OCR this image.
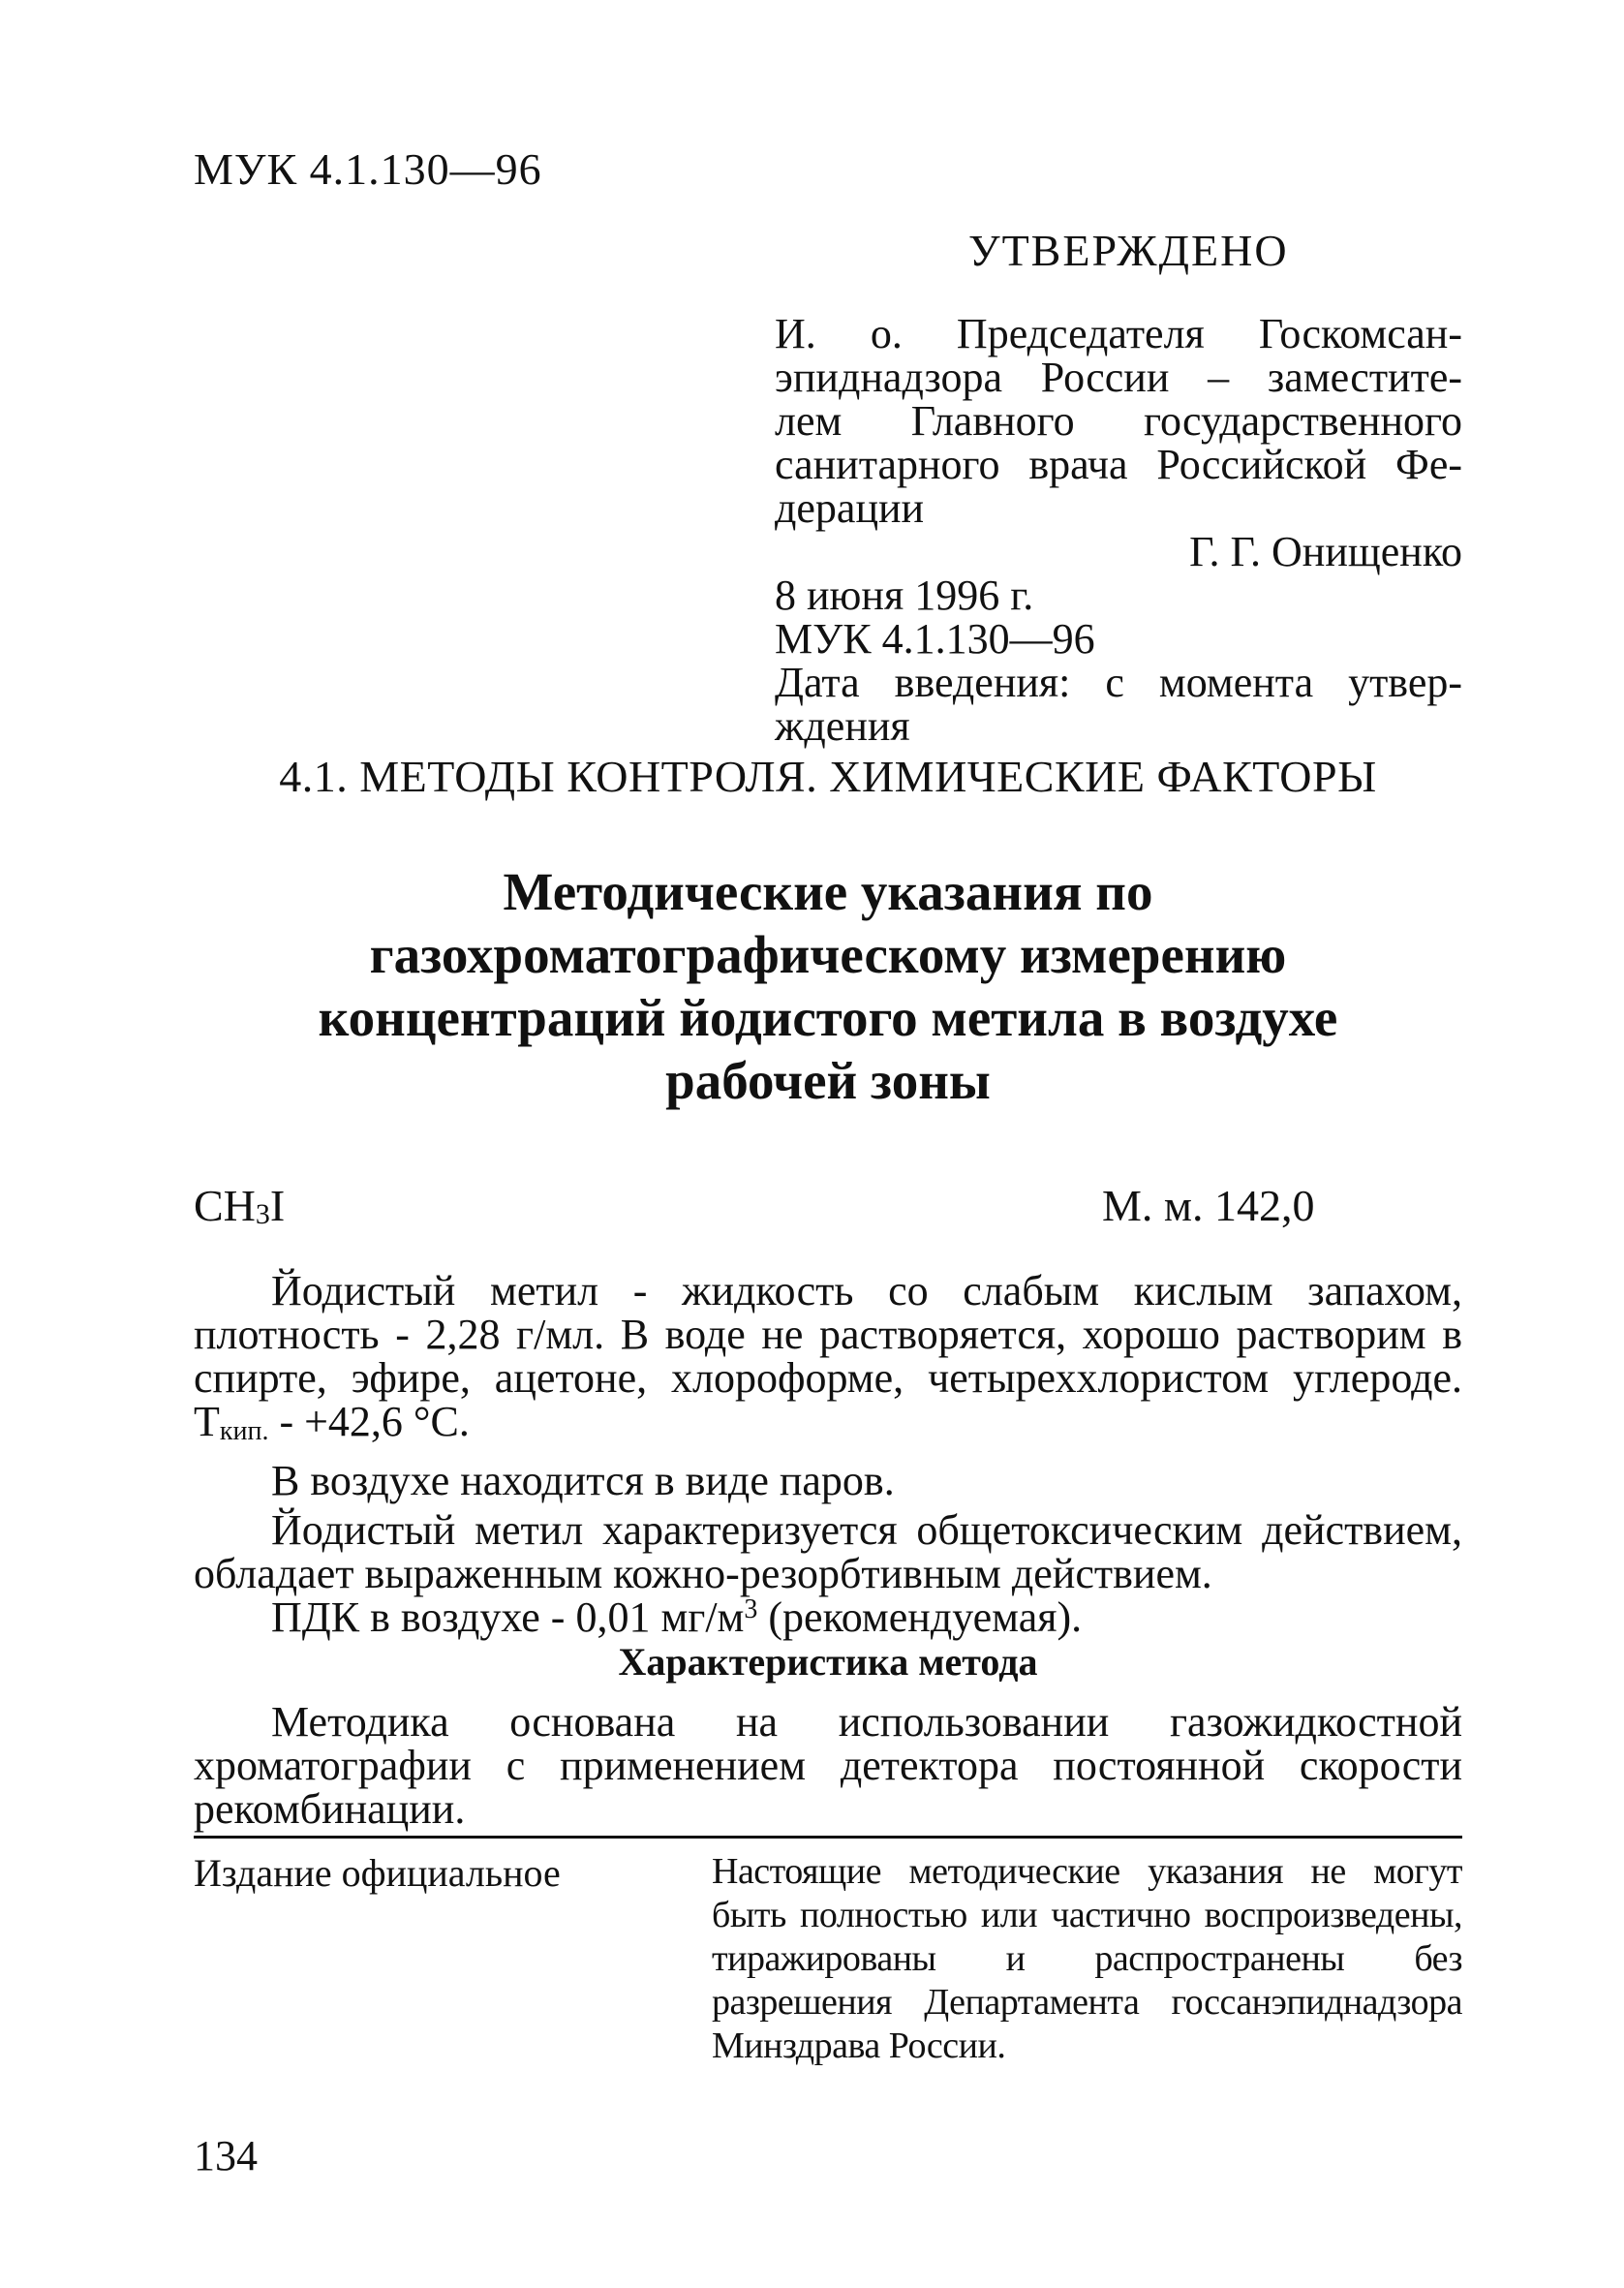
МУК 4.1.130—96
УТВЕРЖДЕНО
И. о. Председателя Госкомсан-
эпиднадзора России – заместите-
лем Главного государственного
санитарного врача Российской Фе-
дерации
Г. Г. Онищенко
8 июня 1996 г.
МУК 4.1.130—96
Дата введения: с момента утвер-
ждения
4.1. МЕТОДЫ КОНТРОЛЯ. ХИМИЧЕСКИЕ ФАКТОРЫ
Методические указания по
газохроматографическому измерению
концентраций йодистого метила в воздухе
рабочей зоны
$CH_3I$	М. м. 142,0

Йодистый метил - жидкость со слабым кислым запахом, плотность - 2,28 г/мл. В воде не растворяется, хорошо растворим в спирте, эфире, ацетоне, хлороформе, четыреххлористом углероде. $Т_{кип.} - +42,6$ °С.

В воздухе находится в виде паров.

Йодистый метил характеризуется общетоксическим действием, обладает выраженным кожно-резорбтивным действием.

ПДК в воздухе - 0,01 $мг/м^3$ (рекомендуемая).

Характеристика метода

Методика основана на использовании газожидкостной хроматографии с применением детектора постоянной скорости рекомбинации.

Издание официальное	Настоящие методические указания не могут быть полностью или частично воспроизведены, тиражированы и распространены без разрешения Департамента госсанэпиднадзора Минздрава России.
134
